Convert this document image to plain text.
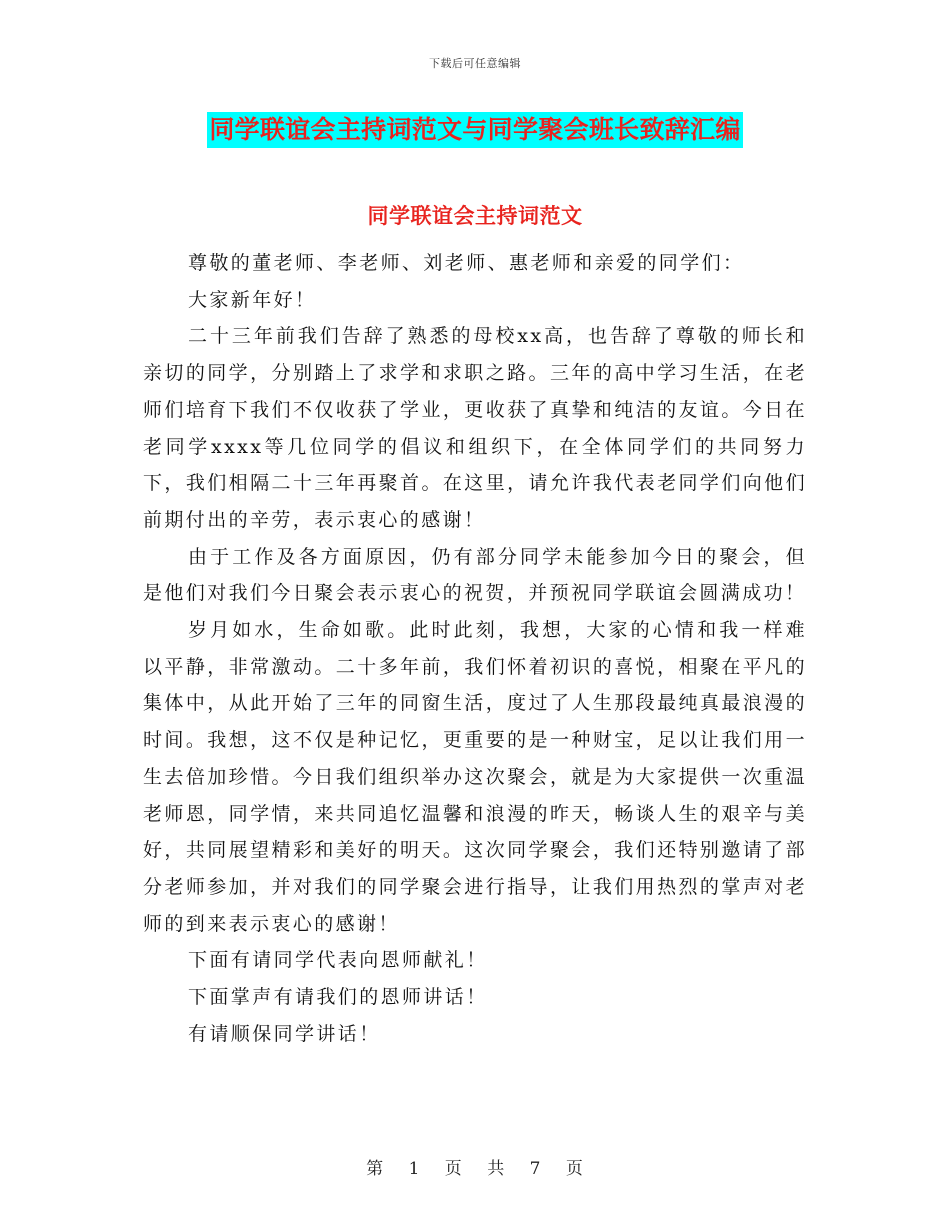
下载后可任意编辑
同学联谊会主持词范文与同学聚会班长致辞汇编
同学联谊会主持词范文

尊敬的董老师、李老师、刘老师、惠老师和亲爱的同学们：

大家新年好！

二十三年前我们告辞了熟悉的母校xx高，也告辞了尊敬的师长和亲切的同学，分别踏上了求学和求职之路。三年的高中学习生活，在老师们培育下我们不仅收获了学业，更收获了真挚和纯洁的友谊。今日在老同学xxxx等几位同学的倡议和组织下，在全体同学们的共同努力下，我们相隔二十三年再聚首。在这里，请允许我代表老同学们向他们前期付出的辛劳，表示衷心的感谢！

由于工作及各方面原因，仍有部分同学未能参加今日的聚会，但是他们对我们今日聚会表示衷心的祝贺，并预祝同学联谊会圆满成功！

岁月如水，生命如歌。此时此刻，我想，大家的心情和我一样难以平静，非常激动。二十多年前，我们怀着初识的喜悦，相聚在平凡的集体中，从此开始了三年的同窗生活，度过了人生那段最纯真最浪漫的时间。我想，这不仅是种记忆，更重要的是一种财宝，足以让我们用一生去倍加珍惜。今日我们组织举办这次聚会，就是为大家提供一次重温老师恩，同学情，来共同追忆温馨和浪漫的昨天，畅谈人生的艰辛与美好，共同展望精彩和美好的明天。这次同学聚会，我们还特别邀请了部分老师参加，并对我们的同学聚会进行指导，让我们用热烈的掌声对老师的到来表示衷心的感谢！

下面有请同学代表向恩师献礼！

下面掌声有请我们的恩师讲话！

有请顺保同学讲话！

第 1 页 共 7 页
